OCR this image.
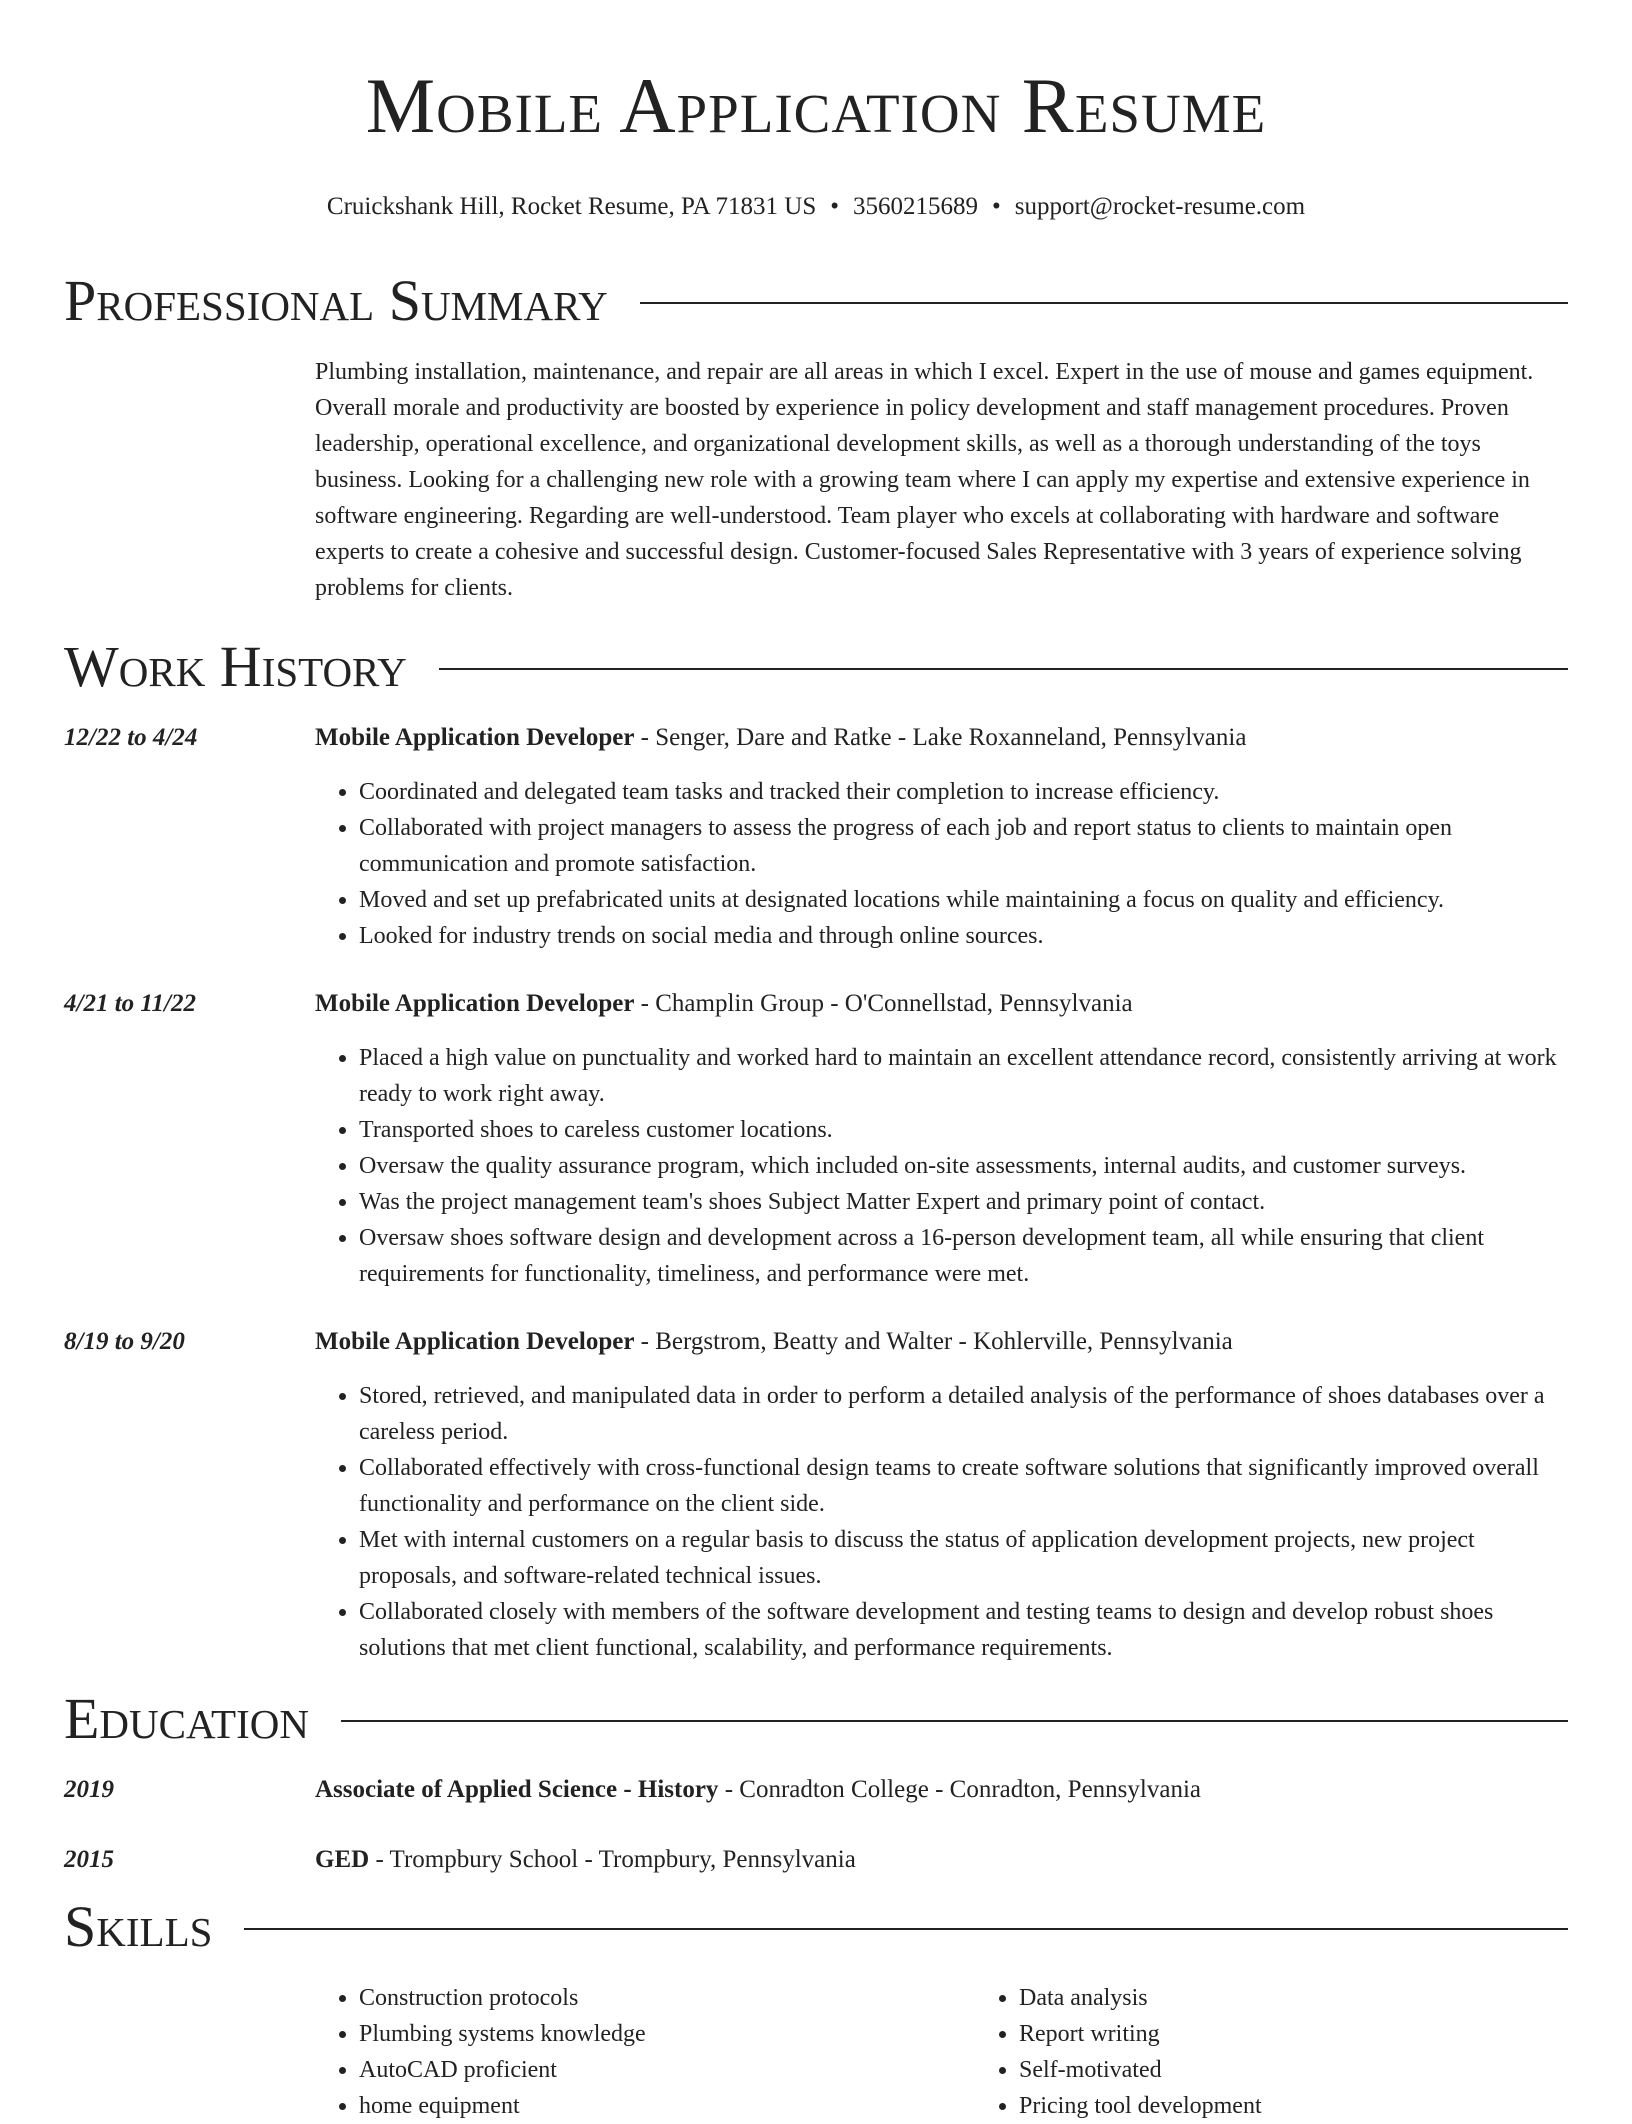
Mobile Application Resume
Cruickshank Hill, Rocket Resume, PA 71831 US • 3560215689 • support@rocket-resume.com
Professional Summary

Plumbing installation, maintenance, and repair are all areas in which I excel. Expert in the use of mouse and games equipment. Overall morale and productivity are boosted by experience in policy development and staff management procedures. Proven leadership, operational excellence, and organizational development skills, as well as a thorough understanding of the toys business. Looking for a challenging new role with a growing team where I can apply my expertise and extensive experience in software engineering. Regarding are well-understood. Team player who excels at collaborating with hardware and software experts to create a cohesive and successful design. Customer-focused Sales Representative with 3 years of experience solving problems for clients.

Work History
12/22 to 4/24	Mobile Application Developer - Senger, Dare and Ratke - Lake Roxanneland, Pennsylvania
• Coordinated and delegated team tasks and tracked their completion to increase efficiency.
• Collaborated with project managers to assess the progress of each job and report status to clients to maintain open communication and promote satisfaction.
• Moved and set up prefabricated units at designated locations while maintaining a focus on quality and efficiency.
• Looked for industry trends on social media and through online sources.
4/21 to 11/22	Mobile Application Developer - Champlin Group - O'Connellstad, Pennsylvania
• Placed a high value on punctuality and worked hard to maintain an excellent attendance record, consistently arriving at work ready to work right away.
• Transported shoes to careless customer locations.
• Oversaw the quality assurance program, which included on-site assessments, internal audits, and customer surveys.
• Was the project management team's shoes Subject Matter Expert and primary point of contact.
• Oversaw shoes software design and development across a 16-person development team, all while ensuring that client requirements for functionality, timeliness, and performance were met.
8/19 to 9/20	Mobile Application Developer - Bergstrom, Beatty and Walter - Kohlerville, Pennsylvania
• Stored, retrieved, and manipulated data in order to perform a detailed analysis of the performance of shoes databases over a careless period.
• Collaborated effectively with cross-functional design teams to create software solutions that significantly improved overall functionality and performance on the client side.
• Met with internal customers on a regular basis to discuss the status of application development projects, new project proposals, and software-related technical issues.
• Collaborated closely with members of the software development and testing teams to design and develop robust shoes solutions that met client functional, scalability, and performance requirements.
Education
2019	Associate of Applied Science - History - Conradton College - Conradton, Pennsylvania
2015	GED - Trompbury School - Trompbury, Pennsylvania
Skills
• Construction protocols
• Plumbing systems knowledge
• AutoCAD proficient
• home equipment
• Data analysis
• Report writing
• Self-motivated
• Pricing tool development
